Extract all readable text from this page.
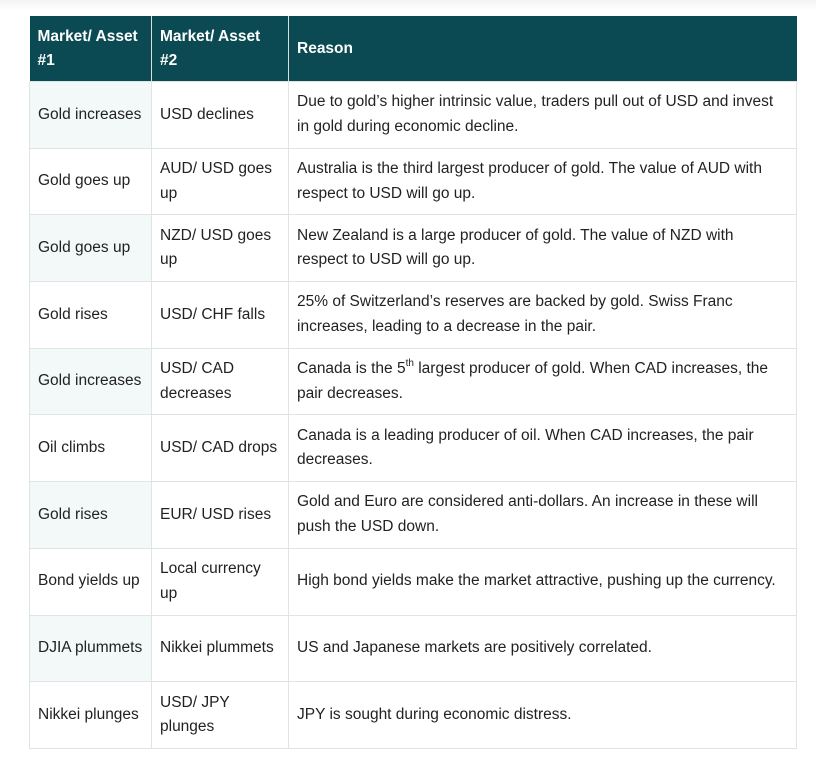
Market/ Asset #1	Market/ Asset #2	Reason
Gold increases	USD declines	Due to gold’s higher intrinsic value, traders pull out of USD and invest in gold during economic decline.
Gold goes up	AUD/ USD goes up	Australia is the third largest producer of gold. The value of AUD with respect to USD will go up.
Gold goes up	NZD/ USD goes up	New Zealand is a large producer of gold. The value of NZD with respect to USD will go up.
Gold rises	USD/ CHF falls	25% of Switzerland’s reserves are backed by gold. Swiss Franc increases, leading to a decrease in the pair.
Gold increases	USD/ CAD decreases	Canada is the 5th largest producer of gold. When CAD increases, the pair decreases.
Oil climbs	USD/ CAD drops	Canada is a leading producer of oil. When CAD increases, the pair decreases.
Gold rises	EUR/ USD rises	Gold and Euro are considered anti-dollars. An increase in these will push the USD down.
Bond yields up	Local currency up	High bond yields make the market attractive, pushing up the currency.
DJIA plummets	Nikkei plummets	US and Japanese markets are positively correlated.
Nikkei plunges	USD/ JPY plunges	JPY is sought during economic distress.
